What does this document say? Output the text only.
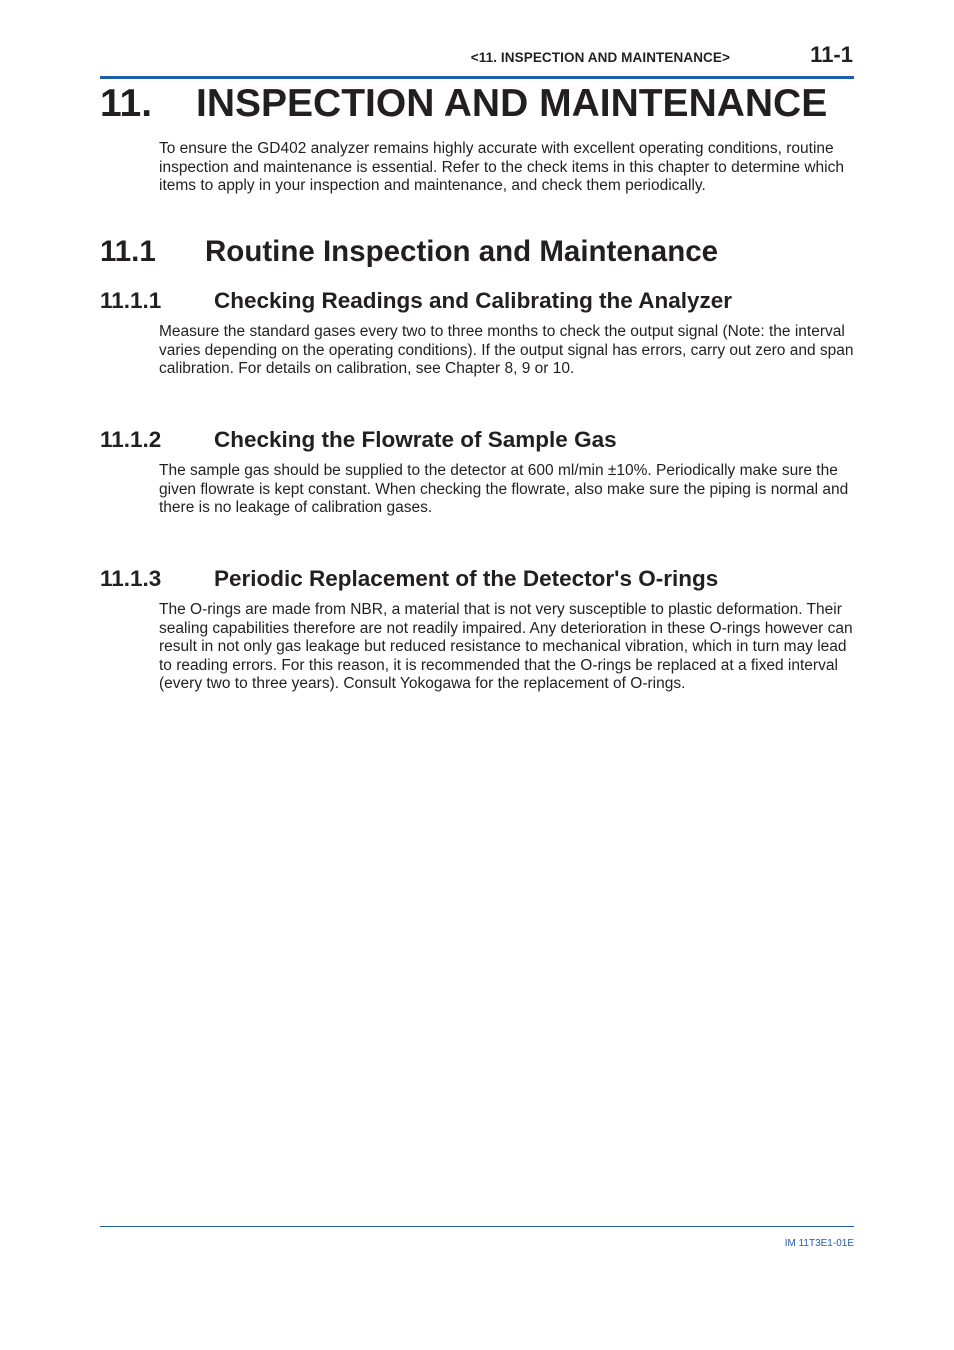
<11. INSPECTION AND MAINTENANCE>	11-1
11. INSPECTION AND MAINTENANCE

To ensure the GD402 analyzer remains highly accurate with excellent operating conditions, routine inspection and maintenance is essential. Refer to the check items in this chapter to determine which items to apply in your inspection and maintenance, and check them periodically.

11.1 Routine Inspection and Maintenance
11.1.1 Checking Readings and Calibrating the Analyzer

Measure the standard gases every two to three months to check the output signal (Note: the interval varies depending on the operating conditions). If the output signal has errors, carry out zero and span calibration. For details on calibration, see Chapter 8, 9 or 10.

11.1.2 Checking the Flowrate of Sample Gas

The sample gas should be supplied to the detector at 600 ml/min ±10%. Periodically make sure the given flowrate is kept constant. When checking the flowrate, also make sure the piping is normal and there is no leakage of calibration gases.

11.1.3 Periodic Replacement of the Detector's O-rings

The O-rings are made from NBR, a material that is not very susceptible to plastic deformation. Their sealing capabilities therefore are not readily impaired. Any deterioration in these O-rings however can result in not only gas leakage but reduced resistance to mechanical vibration, which in turn may lead to reading errors. For this reason, it is recommended that the O-rings be replaced at a fixed interval (every two to three years). Consult Yokogawa for the replacement of O-rings.

IM 11T3E1-01E
